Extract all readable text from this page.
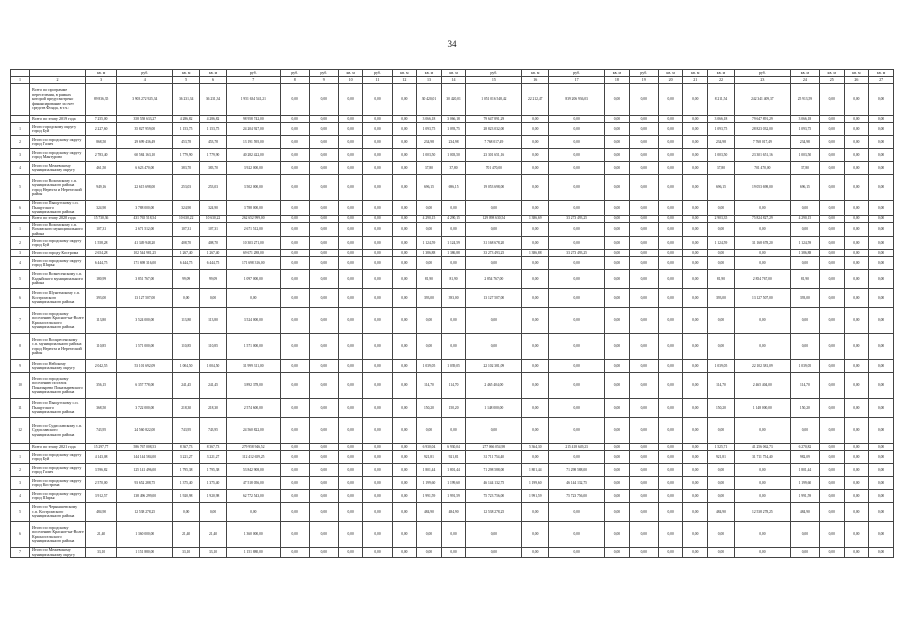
34
		кв. м	руб.	кв. м	кв. м	руб.	руб.	руб.	кв. м	руб.	кв. м	кв. м	кв. м	руб.	кв. м	руб.	кв. м	руб.	кв. м	кв. м	кв. м	руб.	кв. м	кв. м	кв. м	кв. м
1	2	3	4	5	6	7	8	9	10	11	12	13	14	15	16	17	18	19	20	21	22	23	24	25	26	27
	Всего по программе переселения, в рамках которой предусмотрено финансирование за счет средств Фонда, в т.ч.:	89 836,35	3 903 272 925,34	36 231,34	36 231,34	1 951 634 541,21	0,00	0,00	0,00	0,00	0,00	30 420,01	30 420,01	1 051 016 548,42	22 212,47	839 206 936,03	0,00	0,00	0,00	0,00	8 211,54	242 341 409,37	25 913,59	0,00	0,00	0,00
	Всего по этапу 2019 года	7 255,00	358 558 633,27	4 286,82	4 286,82	98 958 742,00	0,00	0,00	0,00	0,00	0,00	3 066,18	3 066,18	79 647 891,29	0,00	0,00	0,00	0,00	0,00	0,00	3 066,18	79 647 891,29	3 066,18	0,00	0,00	0,00
1	Итого городскому округу город Буй	2 227,60	35 827 959,00	1 153,75	1 153,75	24 204 927,00	0,00	0,00	0,00	0,00	0,00	1 093,75	1 093,75	28 823 032,00	0,00	0,00	0,00	0,00	0,00	0,00	1 093,75	28 823 032,00	1 093,75	0,00	0,00	0,00
2	Итого по городскому округу город Галич	868,50	29 699 436,49	453,78	453,78	13 191 595,00	0,00	0,00	0,00	0,00	0,00	234,98	234,98	7 768 017,49	0,00	0,00	0,00	0,00	0,00	0,00	234,98	7 768 017,49	234,98	0,00	0,00	0,00
3	Итого по городскому округу город Мантурово	2 783,40	60 584 163,10	1 779,90	1 779,90	40 282 422,00	0,00	0,00	0,00	0,00	0,00	1 003,50	1 003,50	23 301 651,16	0,00	0,00	0,00	0,00	0,00	0,00	1 003,50	23 301 651,16	1 003,50	0,00	0,00	0,00
4	Итого по Межевскому муниципальному округу	461,50	6 623 470,00	383,70	383,70	3 922 000,00	0,00	0,00	0,00	0,00	0,00	37,80	37,80	701 470,00	0,00	0,00	0,00	0,00	0,00	0,00	37,80	701 470,00	37,80	0,00	0,00	0,00
5	Итого по Вохомскому с.п. муниципального района город Нерехта и Нерехтский район	949,16	22 615 698,00	253,03	253,03	3 502 000,00	0,00	0,00	0,00	0,00	0,00	696,15	696,15	19 053 698,00	0,00	0,00	0,00	0,00	0,00	0,00	696,15	19 053 698,00	696,15	0,00	0,00	0,00
6	Итого по Пыщугскому с.п. Пыщугского муниципального района	324,90	3 788 000,00	324,90	324,90	3 788 000,00	0,00	0,00	0,00	0,00	0,00	0,00	0,00	0,00	0,00	0,00	0,00	0,00	0,00	0,00	0,00	0,00	0,00	0,00	0,00	0,00
	Всего по этапу 2020 года	15 730,36	431 765 518,54	10 630,22	10 630,22	262 652 999,00	0,00	0,00	0,00	0,00	0,00	4 290,15	4 290,15	129 098 630,54	1 386,69	33 273 493,25	0,00	0,00	0,00	0,00	2 903,35	75 824 827,29	4 290,15	0,00	0,00	0,00
1	Итого по Вохомскому с.п. Вохомского муниципального района	107,31	2 671 512,00	107,31	107,31	2 671 512,00	0,00	0,00	0,00	0,00	0,00	0,00	0,00	0,00	0,00	0,00	0,00	0,00	0,00	0,00	0,00	0,00	0,00	0,00	0,00	0,00
2	Итого по городскому округу город Буй	1 558,28	41 349 948,20	408,70	408,70	10 303 271,00	0,00	0,00	0,00	0,00	0,00	1 124,59	1 124,59	31 168 678,20	0,00	0,00	0,00	0,00	0,00	0,00	1 124,59	31 168 678,20	1 124,59	0,00	0,00	0,00
3	Итого по городу Кострома	2 654,28	102 544 981,25	1 267,40	1 267,40	69 671 288,00	0,00	0,00	0,00	0,00	0,00	1 386,88	1 386,88	33 273 493,25	1 386,88	33 273 493,25	0,00	0,00	0,00	0,00	0,00	0,00	1 386,88	0,00	0,00	0,00
4	Итого по городскому округу город Шарья	6 444,75	171 698 316,00	6 444,75	6 444,75	171 698 316,00	0,00	0,00	0,00	0,00	0,00	0,00	0,00	0,00	0,00	0,00	0,00	0,00	0,00	0,00	0,00	0,00	0,00	0,00	0,00	0,00
5	Итого по Вознесенскому с.п. Кадыйского муниципального района	180,99	3 851 767,00	99,09	99,09	1 097 000,00	0,00	0,00	0,00	0,00	0,00	81,90	81,90	2 854 767,00	0,00	0,00	0,00	0,00	0,00	0,00	81,90	2 854 767,00	81,90	0,00	0,00	0,00
6	Итого по Шунгенскому с.п. Костромского муниципального района	393,00	13 127 507,00	0,00	0,00	0,00	0,00	0,00	0,00	0,00	0,00	393,00	393,00	13 127 507,00	0,00	0,00	0,00	0,00	0,00	0,00	393,00	13 127 507,00	393,00	0,00	0,00	0,00
7	Итого по городскому поселению Красное-на-Волге Красносельского муниципального района	113,80	3 524 000,00	113,80	113,80	3 524 000,00	0,00	0,00	0,00	0,00	0,00	0,00	0,00	0,00	0,00	0,00	0,00	0,00	0,00	0,00	0,00	0,00	0,00	0,00	0,00	0,00
8	Итого по Воскресенскому с.п. муниципального района город Нерехта и Нерехтский район	110,85	1 571 000,00	110,85	110,85	1 571 000,00	0,00	0,00	0,00	0,00	0,00	0,00	0,00	0,00	0,00	0,00	0,00	0,00	0,00	0,00	0,00	0,00	0,00	0,00	0,00	0,00
9	Итого по Нейскому муниципальному округу	2 042,55	53 101 692,09	1 004,50	1 004,50	31 999 311,00	0,00	0,00	0,00	0,00	0,00	1 039,05	1 039,05	22 102 381,09	0,00	0,00	0,00	0,00	0,00	0,00	1 039,05	22 102 381,09	1 039,05	0,00	0,00	0,00
10	Итого по городскому поселению поселок Поназырево Поназыревского муниципального района	356,15	6 357 778,00	241,45	241,45	3 892 378,00	0,00	0,00	0,00	0,00	0,00	114,70	114,70	2 465 404,00	0,00	0,00	0,00	0,00	0,00	0,00	114,70	2 465 404,00	114,70	0,00	0,00	0,00
11	Итого по Пыщугскому с.п. Пыщугского муниципального района	368,50	3 722 000,00	218,30	218,30	2 574 600,00	0,00	0,00	0,00	0,00	0,00	150,20	150,20	1 148 000,00	0,00	0,00	0,00	0,00	0,00	0,00	150,20	1 148 000,00	150,20	0,00	0,00	0,00
12	Итого по Судиславскому с.п. Судиславского муниципального района	743,95	24 560 822,00	743,95	743,95	24 560 822,00	0,00	0,00	0,00	0,00	0,00	0,00	0,00	0,00	0,00	0,00	0,00	0,00	0,00	0,00	0,00	0,00	0,00	0,00	0,00	0,00
	Всего по этапу 2021 года	15 297,77	586 767 008,53	8 367,73	8 367,73	279 958 946,52	0,00	0,00	0,00	0,00	0,00	6 930,04	6 930,04	277 066 054,98	5 364,30	215 418 649,23	0,00	0,00	0,00	0,00	1 525,71	41 256 062,73	6 270,82	0,00	0,00	0,00
1	Итого по городскому округу город Буй	4 143,08	144 144 584,00	3 221,27	3 221,27	112 412 659,25	0,00	0,00	0,00	0,00	0,00	921,81	921,81	31 711 754,40	0,00	0,00	0,00	0,00	0,00	0,00	921,81	31 711 754,40	982,09	0,00	0,00	0,00
2	Итого по городскому округу город Галич	3 596,82	125 141 496,00	1 795,38	1 795,38	53 842 908,00	0,00	0,00	0,00	0,00	0,00	1 801,44	1 801,44	71 298 588,00	1 801,44	71 298 588,00	0,00	0,00	0,00	0,00	0,00	0,00	1 801,44	0,00	0,00	0,00
3	Итого по городскому округу город Кострома	2 570,00	93 652 288,75	1 375,40	1 375,40	47 518 056,00	0,00	0,00	0,00	0,00	0,00	1 199,60	1 199,60	46 144 132,75	1 199,60	46 144 132,75	0,00	0,00	0,00	0,00	0,00	0,00	1 199,60	0,00	0,00	0,00
4	Итого по городскому округу город Шарья	3 912,57	138 496 299,00	1 920,98	1 920,98	62 772 543,00	0,00	0,00	0,00	0,00	0,00	1 991,59	1 991,59	75 723 756,00	1 991,59	75 723 756,00	0,00	0,00	0,00	0,00	0,00	0,00	1 991,59	0,00	0,00	0,00
5	Итого по Чернышевскому с.п. Костромского муниципального района	484,90	12 538 278,25	0,00	0,00	0,00	0,00	0,00	0,00	0,00	0,00	484,90	484,90	12 538 278,25	0,00	0,00	0,00	0,00	0,00	0,00	484,90	12 538 278,25	484,90	0,00	0,00	0,00
6	Итого по городскому поселению Красное-на-Волге Красносельского муниципального района	21,40	1 360 000,00	21,40	21,40	1 360 000,00	0,00	0,00	0,00	0,00	0,00	0,00	0,00	0,00	0,00	0,00	0,00	0,00	0,00	0,00	0,00	0,00	0,00	0,00	0,00	0,00
7	Итого по Межевскому муниципальному округу	33,10	1 151 880,00	33,10	33,10	1 151 880,00	0,00	0,00	0,00	0,00	0,00	0,00	0,00	0,00	0,00	0,00	0,00	0,00	0,00	0,00	0,00	0,00	0,00	0,00	0,00	0,00
